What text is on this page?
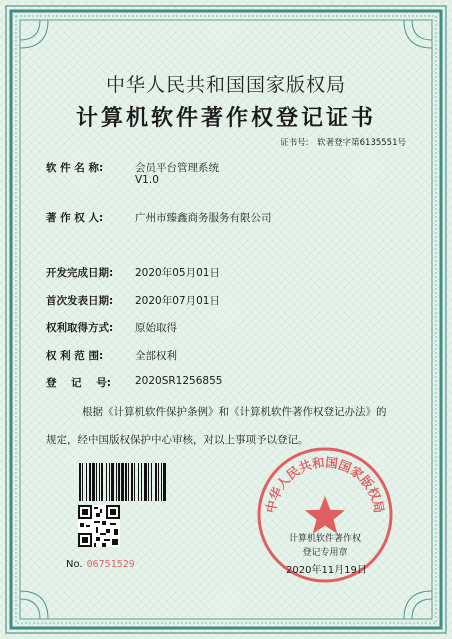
中华人民共和国国家版权局
计算机软件著作权登记证书
证书号: 软著登字第6135551号
软 件 名 称:	会员平台管理系统
V1.0
著 作 权 人:	广州市臻鑫商务服务有限公司
开发完成日期: 2020年05月01日
首次发表日期: 2020年07月01日
权利取得方式: 原始取得
权 利 范 围:	全部权利
登    记    号: 2020SR1256855

根据《计算机软件保护条例》和《计算机软件著作权登记办法》的

规定，经中国版权保护中心审核，对以上事项予以登记。

No. 06751529
中华人民共和国国家版权局
计算机软件著作权
登记专用章
2020年11月19日
